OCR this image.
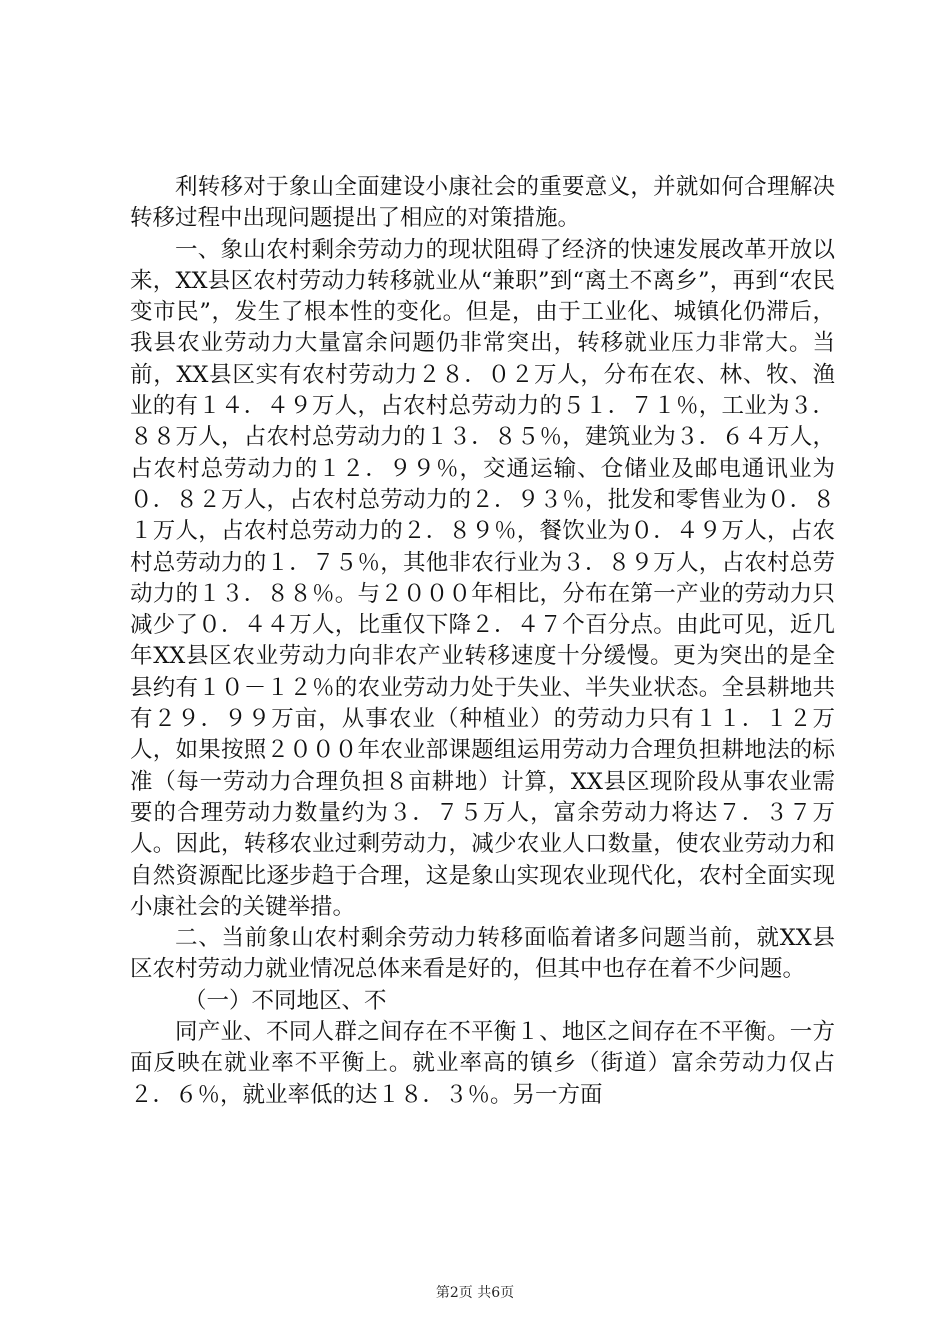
利转移对于象山全面建设小康社会的重要意义，并就如何合理解决转移过程中出现问题提出了相应的对策措施。

一、象山农村剩余劳动力的现状阻碍了经济的快速发展改革开放以来，XX县区农村劳动力转移就业从“兼职”到“离土不离乡”，再到“农民变市民”，发生了根本性的变化。但是，由于工业化、城镇化仍滞后，我县农业劳动力大量富余问题仍非常突出，转移就业压力非常大。当前，XX县区实有农村劳动力２８．０２万人，分布在农、林、牧、渔业的有１４．４９万人，占农村总劳动力的５１．７１％，工业为３．８８万人，占农村总劳动力的１３．８５％，建筑业为３．６４万人，占农村总劳动力的１２．９９％，交通运输、仓储业及邮电通讯业为０．８２万人，占农村总劳动力的２．９３％，批发和零售业为０．８１万人，占农村总劳动力的２．８９％，餐饮业为０．４９万人，占农村总劳动力的１．７５％，其他非农行业为３．８９万人，占农村总劳动力的１３．８８％。与２０００年相比，分布在第一产业的劳动力只减少了０．４４万人，比重仅下降２．４７个百分点。由此可见，近几年XX县区农业劳动力向非农产业转移速度十分缓慢。更为突出的是全县约有１０－１２％的农业劳动力处于失业、半失业状态。全县耕地共有２９．９９万亩，从事农业（种植业）的劳动力只有１１．１２万人，如果按照２０００年农业部课题组运用劳动力合理负担耕地法的标准（每一劳动力合理负担８亩耕地）计算，XX县区现阶段从事农业需要的合理劳动力数量约为３．７５万人，富余劳动力将达７．３７万人。因此，转移农业过剩劳动力，减少农业人口数量，使农业劳动力和自然资源配比逐步趋于合理，这是象山实现农业现代化，农村全面实现小康社会的关键举措。

二、当前象山农村剩余劳动力转移面临着诸多问题当前，就XX县区农村劳动力就业情况总体来看是好的，但其中也存在着不少问题。

（一）不同地区、不

同产业、不同人群之间存在不平衡１、地区之间存在不平衡。一方面反映在就业率不平衡上。就业率高的镇乡（街道）富余劳动力仅占２．６％，就业率低的达１８．３％。另一方面

第2页 共6页
